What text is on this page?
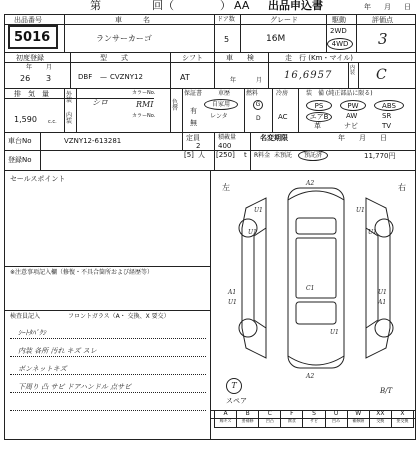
第	回（	） AA 出品申込書	年 月 日
出品番号
5016
車　　　名
ランサーカーゴ
ドア数
5
グレード
16M
駆動
2WD
4WD
評価点
3
初度登録
年 月
26 3
型　　式
DBF — CVZNY12
シフト
AT
車　　検
年	月
走　行 (Km・マイル)
16,6957
内装 C
排　気　量
1,590 c.c.
外装
内装
シロ
カラーNo.
RMI
カラーNo.
色替
保証書
有
無
車歴
自家用
レンタ
燃料
G
D
冷房
AC
装　備 (純正部品に限る)
PS	PW	ABS
エアB	AW	SR
革	ナビ	TV
車台No	VZNY12-613281	定員
2
[5] 人
積載量
400
[250] t
名変期限	年　　月　　日
R料金 未預託	預託済	11,770円
登録No
セールスポイント
※注意事項記入欄（修復・不具合箇所および経歴等）
検査員記入	フロントガラス（A・ 交換、X 要交）
ｼｰﾄﾀﾊﾞｸｼ
内装 各所 汚れ キズ スレ
ボンネットキズ
下周り 凸 サビ ドアハンドル 点サビ
左	右
A2
U1	U1
U1	U1
C1
A1
U1
U1
A1
U1
A2
B/T
T
スペア
A
線キズ
B
要補修
C
凹凸
F
腐食
S
サビ
U
凹み
W
補修跡
XX
交換
X
要交換
